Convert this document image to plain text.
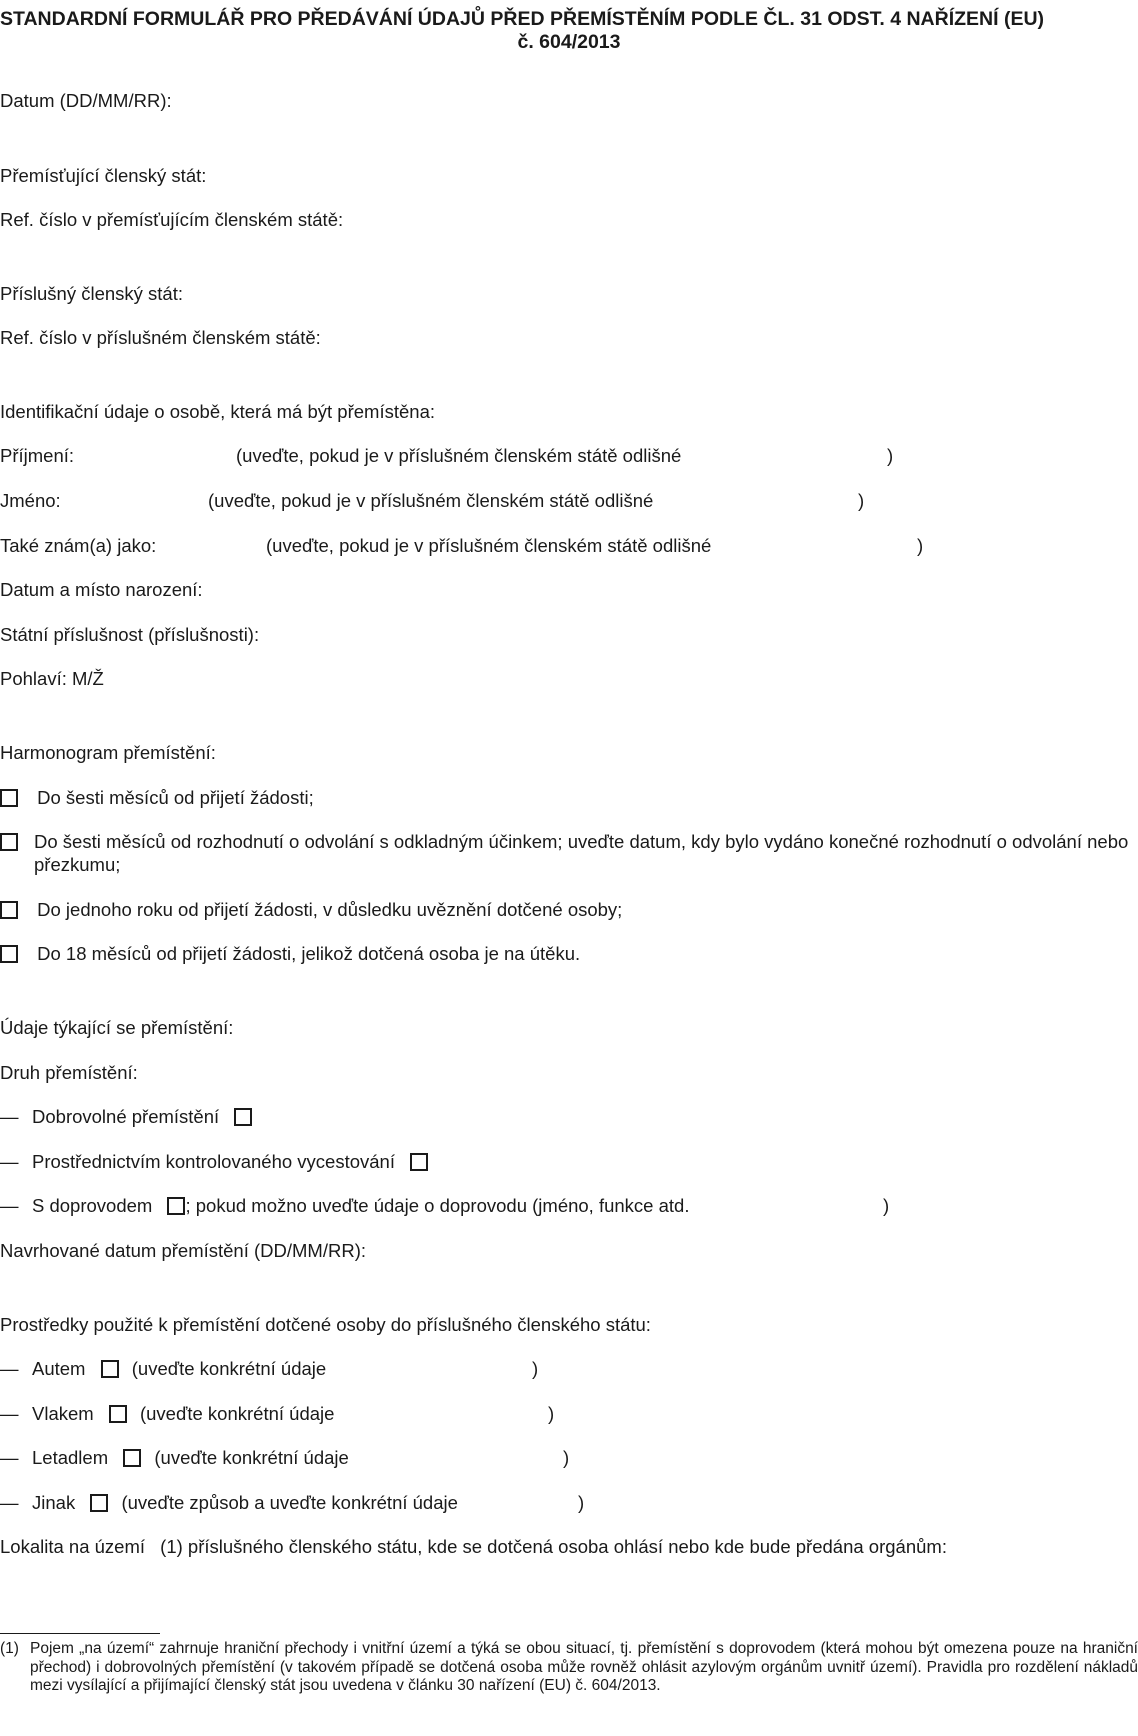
STANDARDNÍ FORMULÁŘ PRO PŘEDÁVÁNÍ ÚDAJŮ PŘED PŘEMÍSTĚNÍM PODLE ČL. 31 ODST. 4 NAŘÍZENÍ (EU)
č. 604/2013
Datum (DD/MM/RR):
Přemísťující členský stát:
Ref. číslo v přemísťujícím členském státě:
Příslušný členský stát:
Ref. číslo v příslušném členském státě:
Identifikační údaje o osobě, která má být přemístěna:
Příjmení:	(uveďte, pokud je v příslušném členském státě odlišné	)
Jméno:	(uveďte, pokud je v příslušném členském státě odlišné	)
Také znám(a) jako:	(uveďte, pokud je v příslušném členském státě odlišné	)
Datum a místo narození:
Státní příslušnost (příslušnosti):
Pohlaví: M/Ž
Harmonogram přemístění:
Do šesti měsíců od přijetí žádosti;
Do šesti měsíců od rozhodnutí o odvolání s odkladným účinkem; uveďte datum, kdy bylo vydáno konečné rozhodnutí o odvolání nebo přezkumu;
Do jednoho roku od přijetí žádosti, v důsledku uvěznění dotčené osoby;
Do 18 měsíců od přijetí žádosti, jelikož dotčená osoba je na útěku.
Údaje týkající se přemístění:
Druh přemístění:
— Dobrovolné přemístění
— Prostřednictvím kontrolovaného vycestování
— S doprovodem ; pokud možno uveďte údaje o doprovodu (jméno, funkce atd.	)
Navrhované datum přemístění (DD/MM/RR):
Prostředky použité k přemístění dotčené osoby do příslušného členského státu:
— Autem	(uveďte konkrétní údaje	)
— Vlakem	(uveďte konkrétní údaje	)
— Letadlem	(uveďte konkrétní údaje	)
— Jinak	(uveďte způsob a uveďte konkrétní údaje	)
Lokalita na území (1) příslušného členského státu, kde se dotčená osoba ohlásí nebo kde bude předána orgánům:
(1) Pojem „na území“ zahrnuje hraniční přechody i vnitřní území a týká se obou situací, tj. přemístění s doprovodem (která mohou být omezena pouze na hraniční přechod) i dobrovolných přemístění (v takovém případě se dotčená osoba může rovněž ohlásit azylovým orgánům uvnitř území). Pravidla pro rozdělení nákladů mezi vysílající a přijímající členský stát jsou uvedena v článku 30 nařízení (EU) č. 604/2013.
